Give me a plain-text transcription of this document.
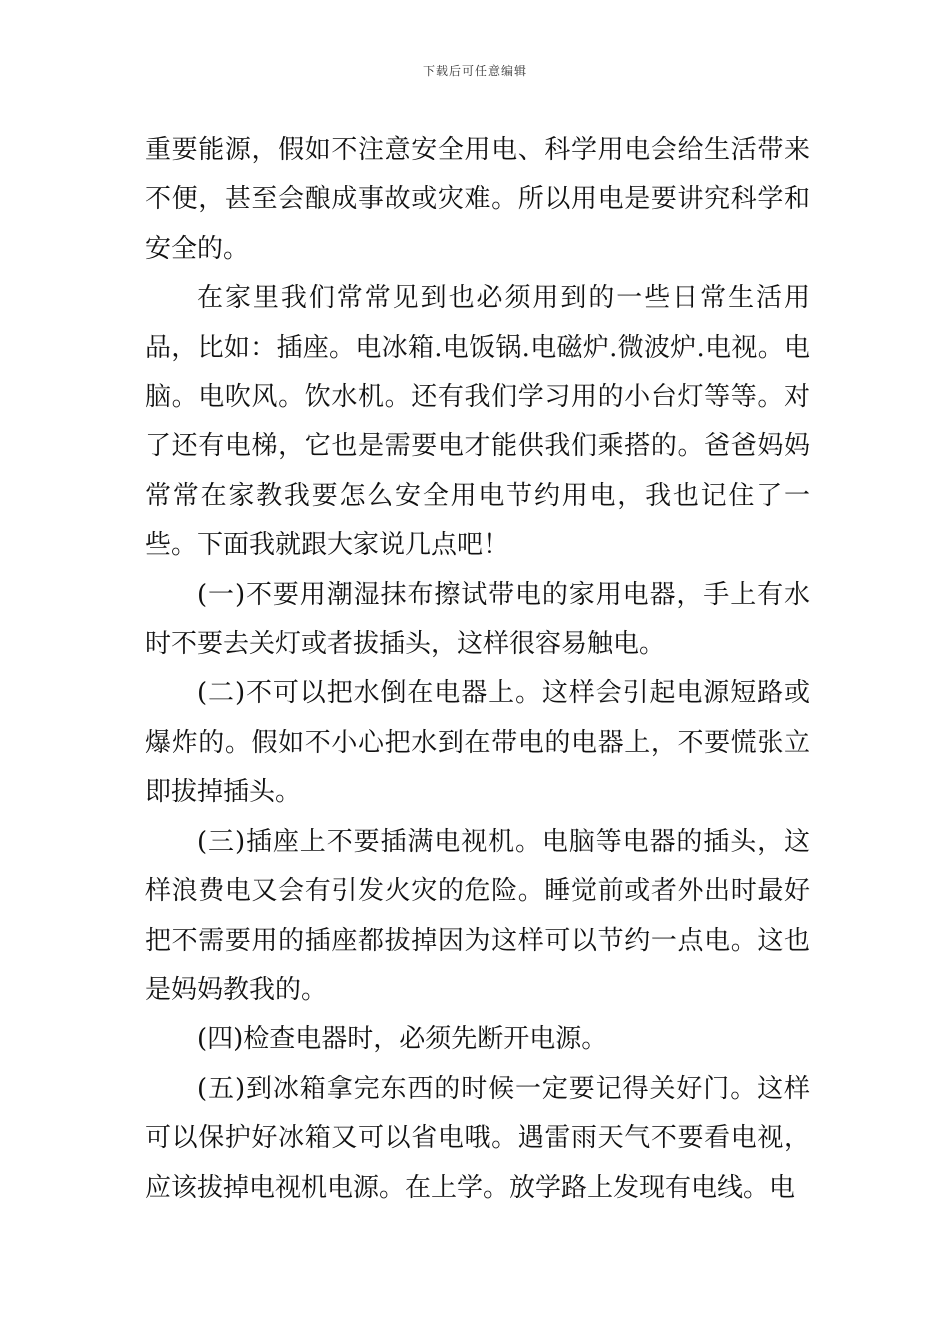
下载后可任意编辑

重要能源，假如不注意安全用电、科学用电会给生活带来不便，甚至会酿成事故或灾难。所以用电是要讲究科学和安全的。

在家里我们常常见到也必须用到的一些日常生活用品，比如：插座。电冰箱.电饭锅.电磁炉.微波炉.电视。电脑。电吹风。饮水机。还有我们学习用的小台灯等等。对了还有电梯，它也是需要电才能供我们乘搭的。爸爸妈妈常常在家教我要怎么安全用电节约用电，我也记住了一些。下面我就跟大家说几点吧！

(一)不要用潮湿抹布擦试带电的家用电器，手上有水时不要去关灯或者拔插头，这样很容易触电。

(二)不可以把水倒在电器上。这样会引起电源短路或爆炸的。假如不小心把水到在带电的电器上，不要慌张立即拔掉插头。

(三)插座上不要插满电视机。电脑等电器的插头，这样浪费电又会有引发火灾的危险。睡觉前或者外出时最好把不需要用的插座都拔掉因为这样可以节约一点电。这也是妈妈教我的。

(四)检查电器时，必须先断开电源。

(五)到冰箱拿完东西的时候一定要记得关好门。这样可以保护好冰箱又可以省电哦。遇雷雨天气不要看电视，应该拔掉电视机电源。在上学。放学路上发现有电线。电
